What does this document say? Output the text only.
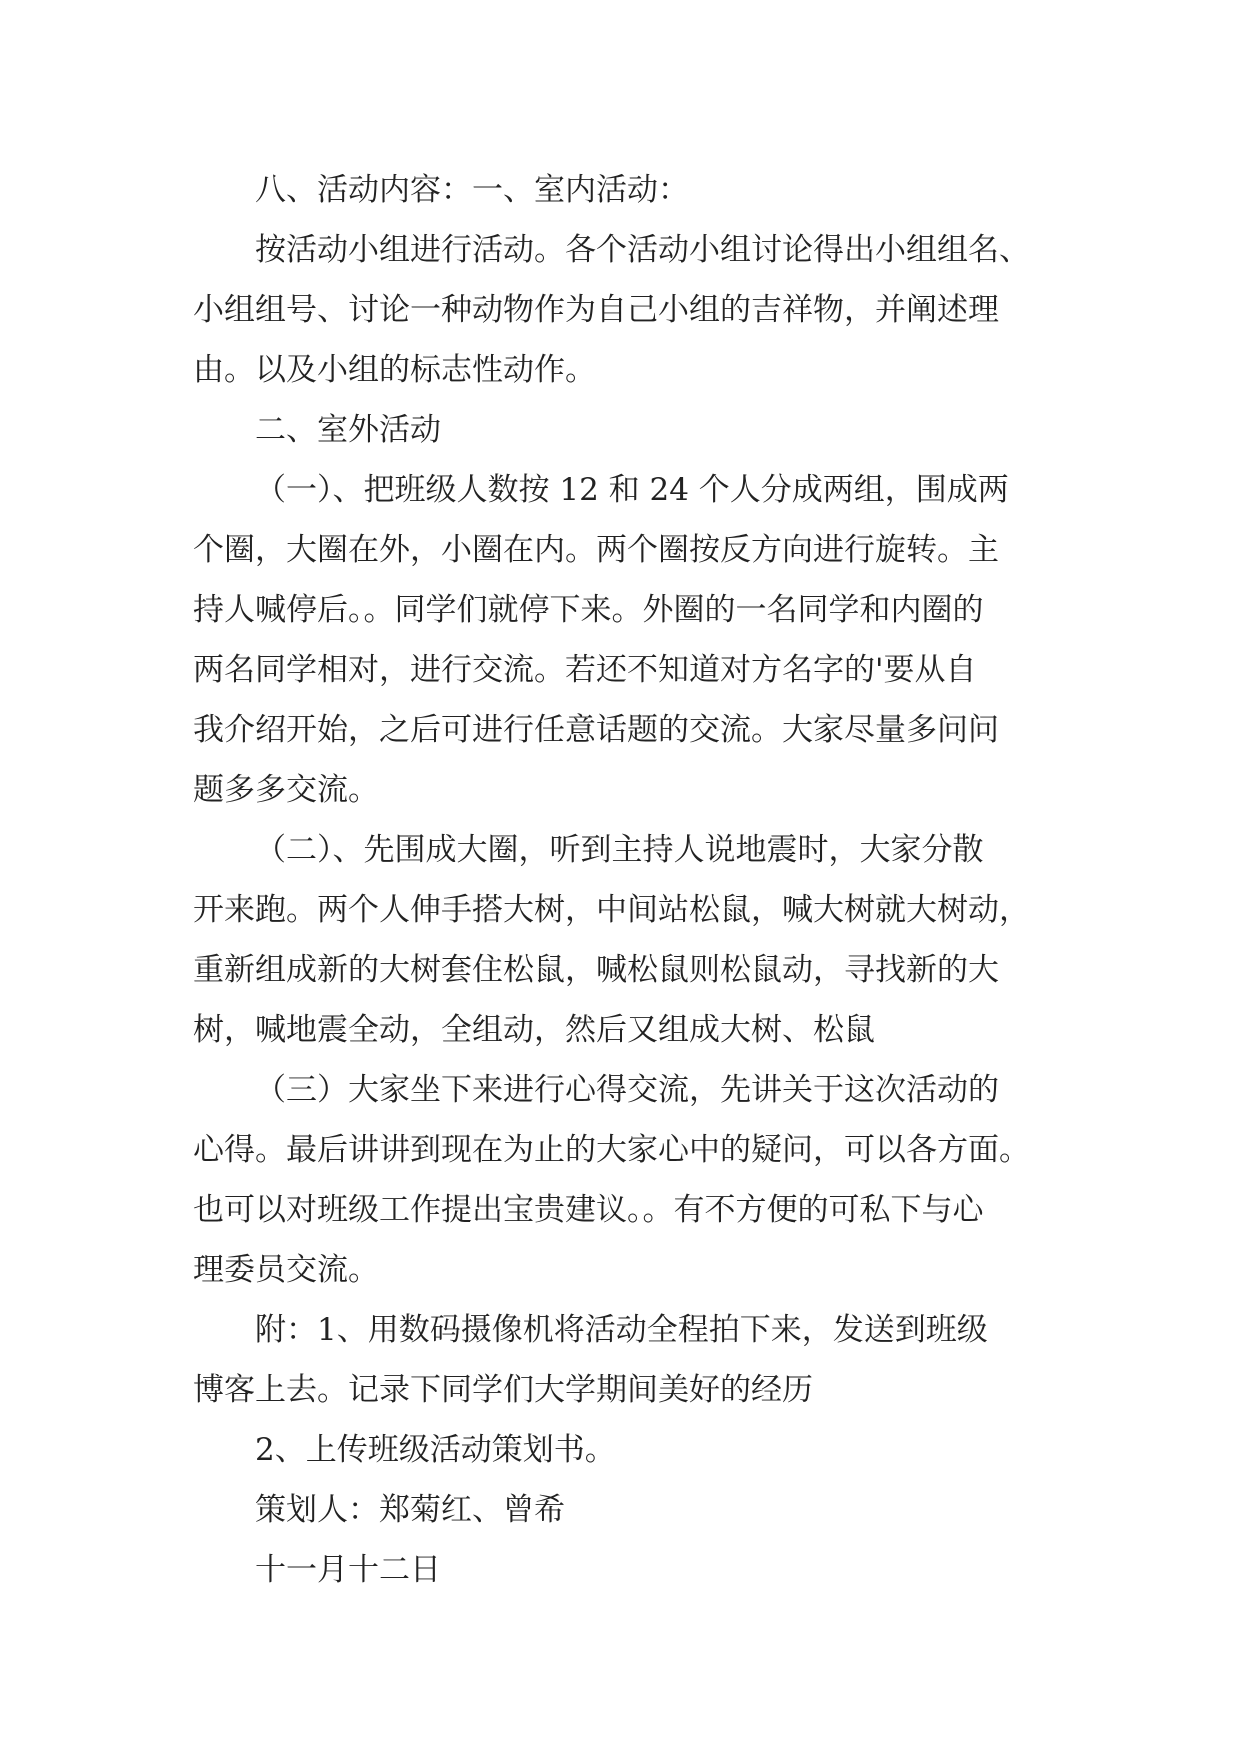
八、活动内容：一、室内活动：

按活动小组进行活动。各个活动小组讨论得出小组组名、

小组组号、讨论一种动物作为自己小组的吉祥物，并阐述理

由。以及小组的标志性动作。

二、室外活动

（一）、把班级人数按 12 和 24 个人分成两组，围成两

个圈，大圈在外，小圈在内。两个圈按反方向进行旋转。主

持人喊停后。。同学们就停下来。外圈的一名同学和内圈的

两名同学相对，进行交流。若还不知道对方名字的'要从自

我介绍开始，之后可进行任意话题的交流。大家尽量多问问

题多多交流。

（二）、先围成大圈，听到主持人说地震时，大家分散

开来跑。两个人伸手搭大树，中间站松鼠，喊大树就大树动，

重新组成新的大树套住松鼠，喊松鼠则松鼠动，寻找新的大

树，喊地震全动，全组动，然后又组成大树、松鼠

（三）大家坐下来进行心得交流，先讲关于这次活动的

心得。最后讲讲到现在为止的大家心中的疑问，可以各方面。

也可以对班级工作提出宝贵建议。。有不方便的可私下与心

理委员交流。

附：1、用数码摄像机将活动全程拍下来，发送到班级

博客上去。记录下同学们大学期间美好的经历

2、上传班级活动策划书。

策划人：郑菊红、曾希

十一月十二日
